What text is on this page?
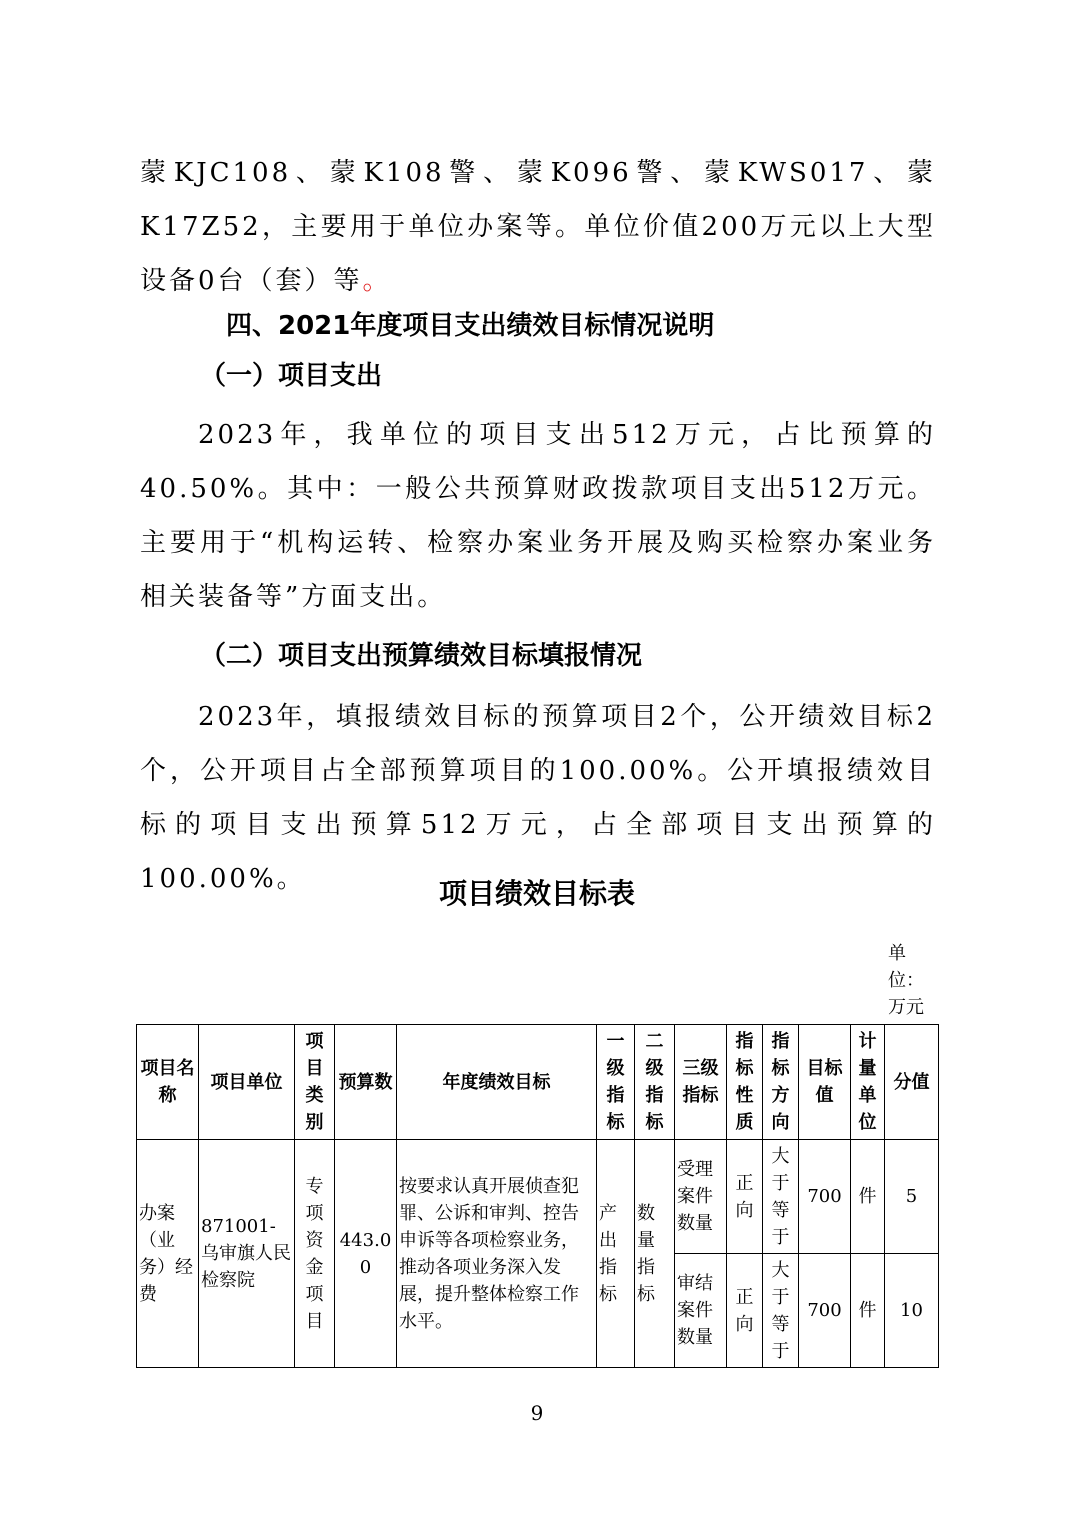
蒙KJC108、蒙K108警、蒙K096警、蒙KWS017、蒙K17Z52，主要用于单位办案等。单位价值200万元以上大型设备0台（套）等。

四、2021年度项目支出绩效目标情况说明
（一）项目支出

2023年，我单位的项目支出512万元，占比预算的40.50%。其中：一般公共预算财政拨款项目支出512万元。主要用于“机构运转、检察办案业务开展及购买检察办案业务相关装备等”方面支出。

（二）项目支出预算绩效目标填报情况

2023年，填报绩效目标的预算项目2个，公开绩效目标2个，公开项目占全部预算项目的100.00%。公开填报绩效目标的项目支出预算512万元，占全部项目支出预算的100.00%。	项目绩效目标表

单位：万元

项目名称	项目单位	项目类别	预算数	年度绩效目标	一级指标	二级指标	三级指标	指标性质	指标方向	目标值	计量单位	分值
办案（业务）经费	871001-乌审旗人民检察院	专项资金项目	443.00	按要求认真开展侦查犯罪、公诉和审判、控告申诉等各项检察业务，推动各项业务深入发展，提升整体检察工作水平。	产出指标	数量指标	受理案件数量	正向	大于等于	700	件	5
							审结案件数量	正向	大于等于	700	件	10

9
